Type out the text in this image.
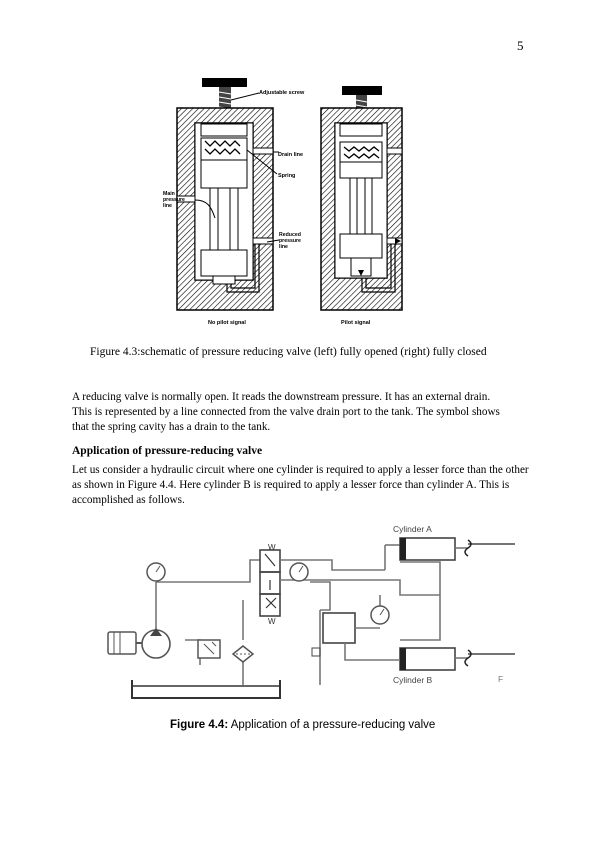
5
Adjustable screw
Drain line
Spring
Main
pressure
line
Reduced
pressure
line
No pilot signal	Pilot signal
Figure 4.3:schematic of pressure reducing valve (left) fully opened (right) fully closed
A reducing valve is normally open. It reads the downstream pressure. It has an external drain.
This is represented by a line connected from the valve drain port to the tank. The symbol shows
that the spring cavity has a drain to the tank.
Application of pressure-reducing valve
Let us consider a hydraulic circuit where one cylinder is required to apply a lesser force than the other
as shown in Figure 4.4. Here cylinder B is required to apply a lesser force than cylinder A. This is
accomplished as follows.
W
W
Cylinder A
Cylinder B	F
Figure 4.4: Application of a pressure-reducing valve
